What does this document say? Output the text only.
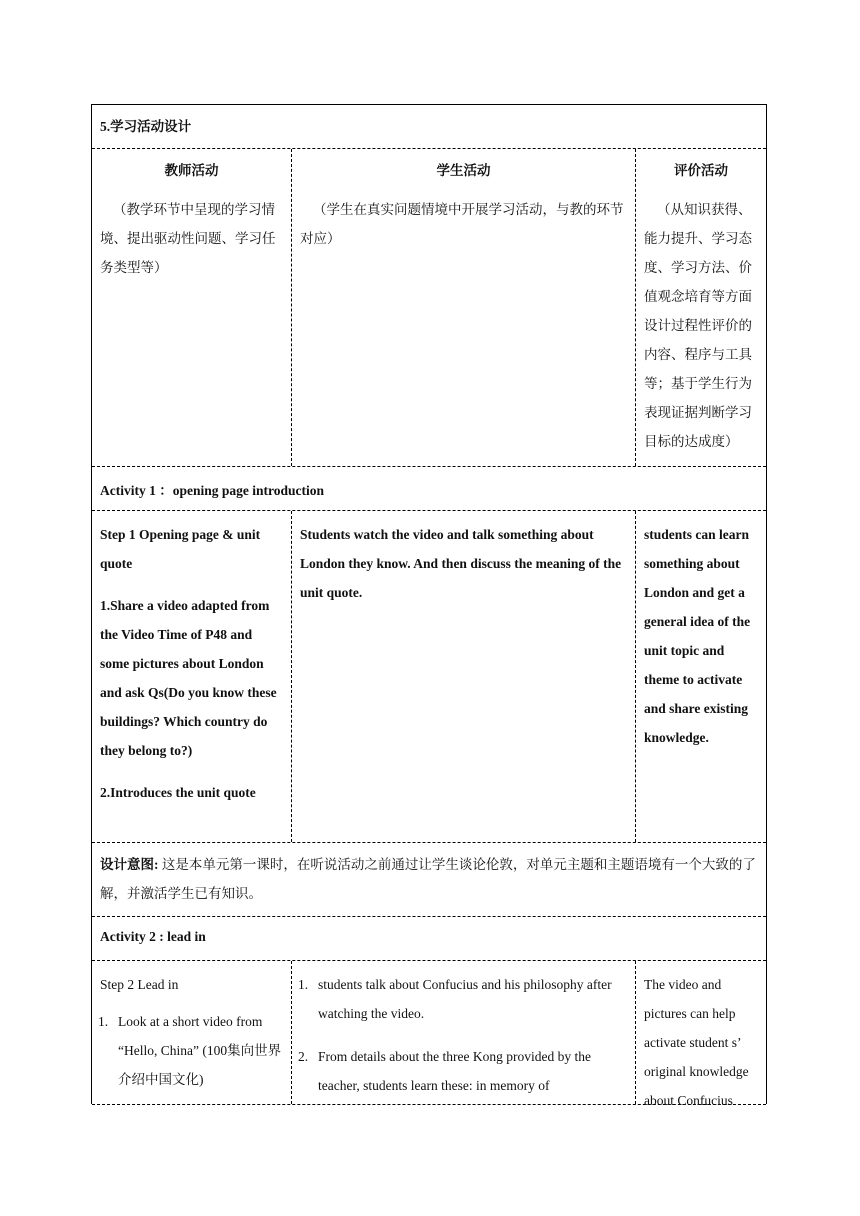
5.学习活动设计

教师活动

（教学环节中呈现的学习情境、提出驱动性问题、学习任务类型等）

学生活动

（学生在真实问题情境中开展学习活动，与教的环节对应）

评价活动

（从知识获得、能力提升、学习态度、学习方法、价值观念培育等方面设计过程性评价的内容、程序与工具等；基于学生行为表现证据判断学习目标的达成度）

Activity 1 ：opening page introduction

Step 1 Opening page & unit quote

1.Share a video adapted from the Video Time of P48 and some pictures about London and ask Qs(Do you know these buildings? Which country do they belong to?)

2.Introduces the unit quote

Students watch the video and talk something about London they know. And then discuss the meaning of the unit quote.

students can learn something about London and get a general idea of the unit topic and theme to activate and share existing knowledge.

设计意图: 这是本单元第一课时，在听说活动之前通过让学生谈论伦敦，对单元主题和主题语境有一个大致的了解，并激活学生已有知识。
Activity 2 : lead in

Step 2 Lead in

1. Look at a short video from “Hello, China” (100集向世界介绍中国文化)
1. students talk about Confucius and his philosophy after watching the video.
2. From details about the three Kong provided by the teacher, students learn these: in memory of

The video and pictures can help activate student s’ original knowledge about Confucius
